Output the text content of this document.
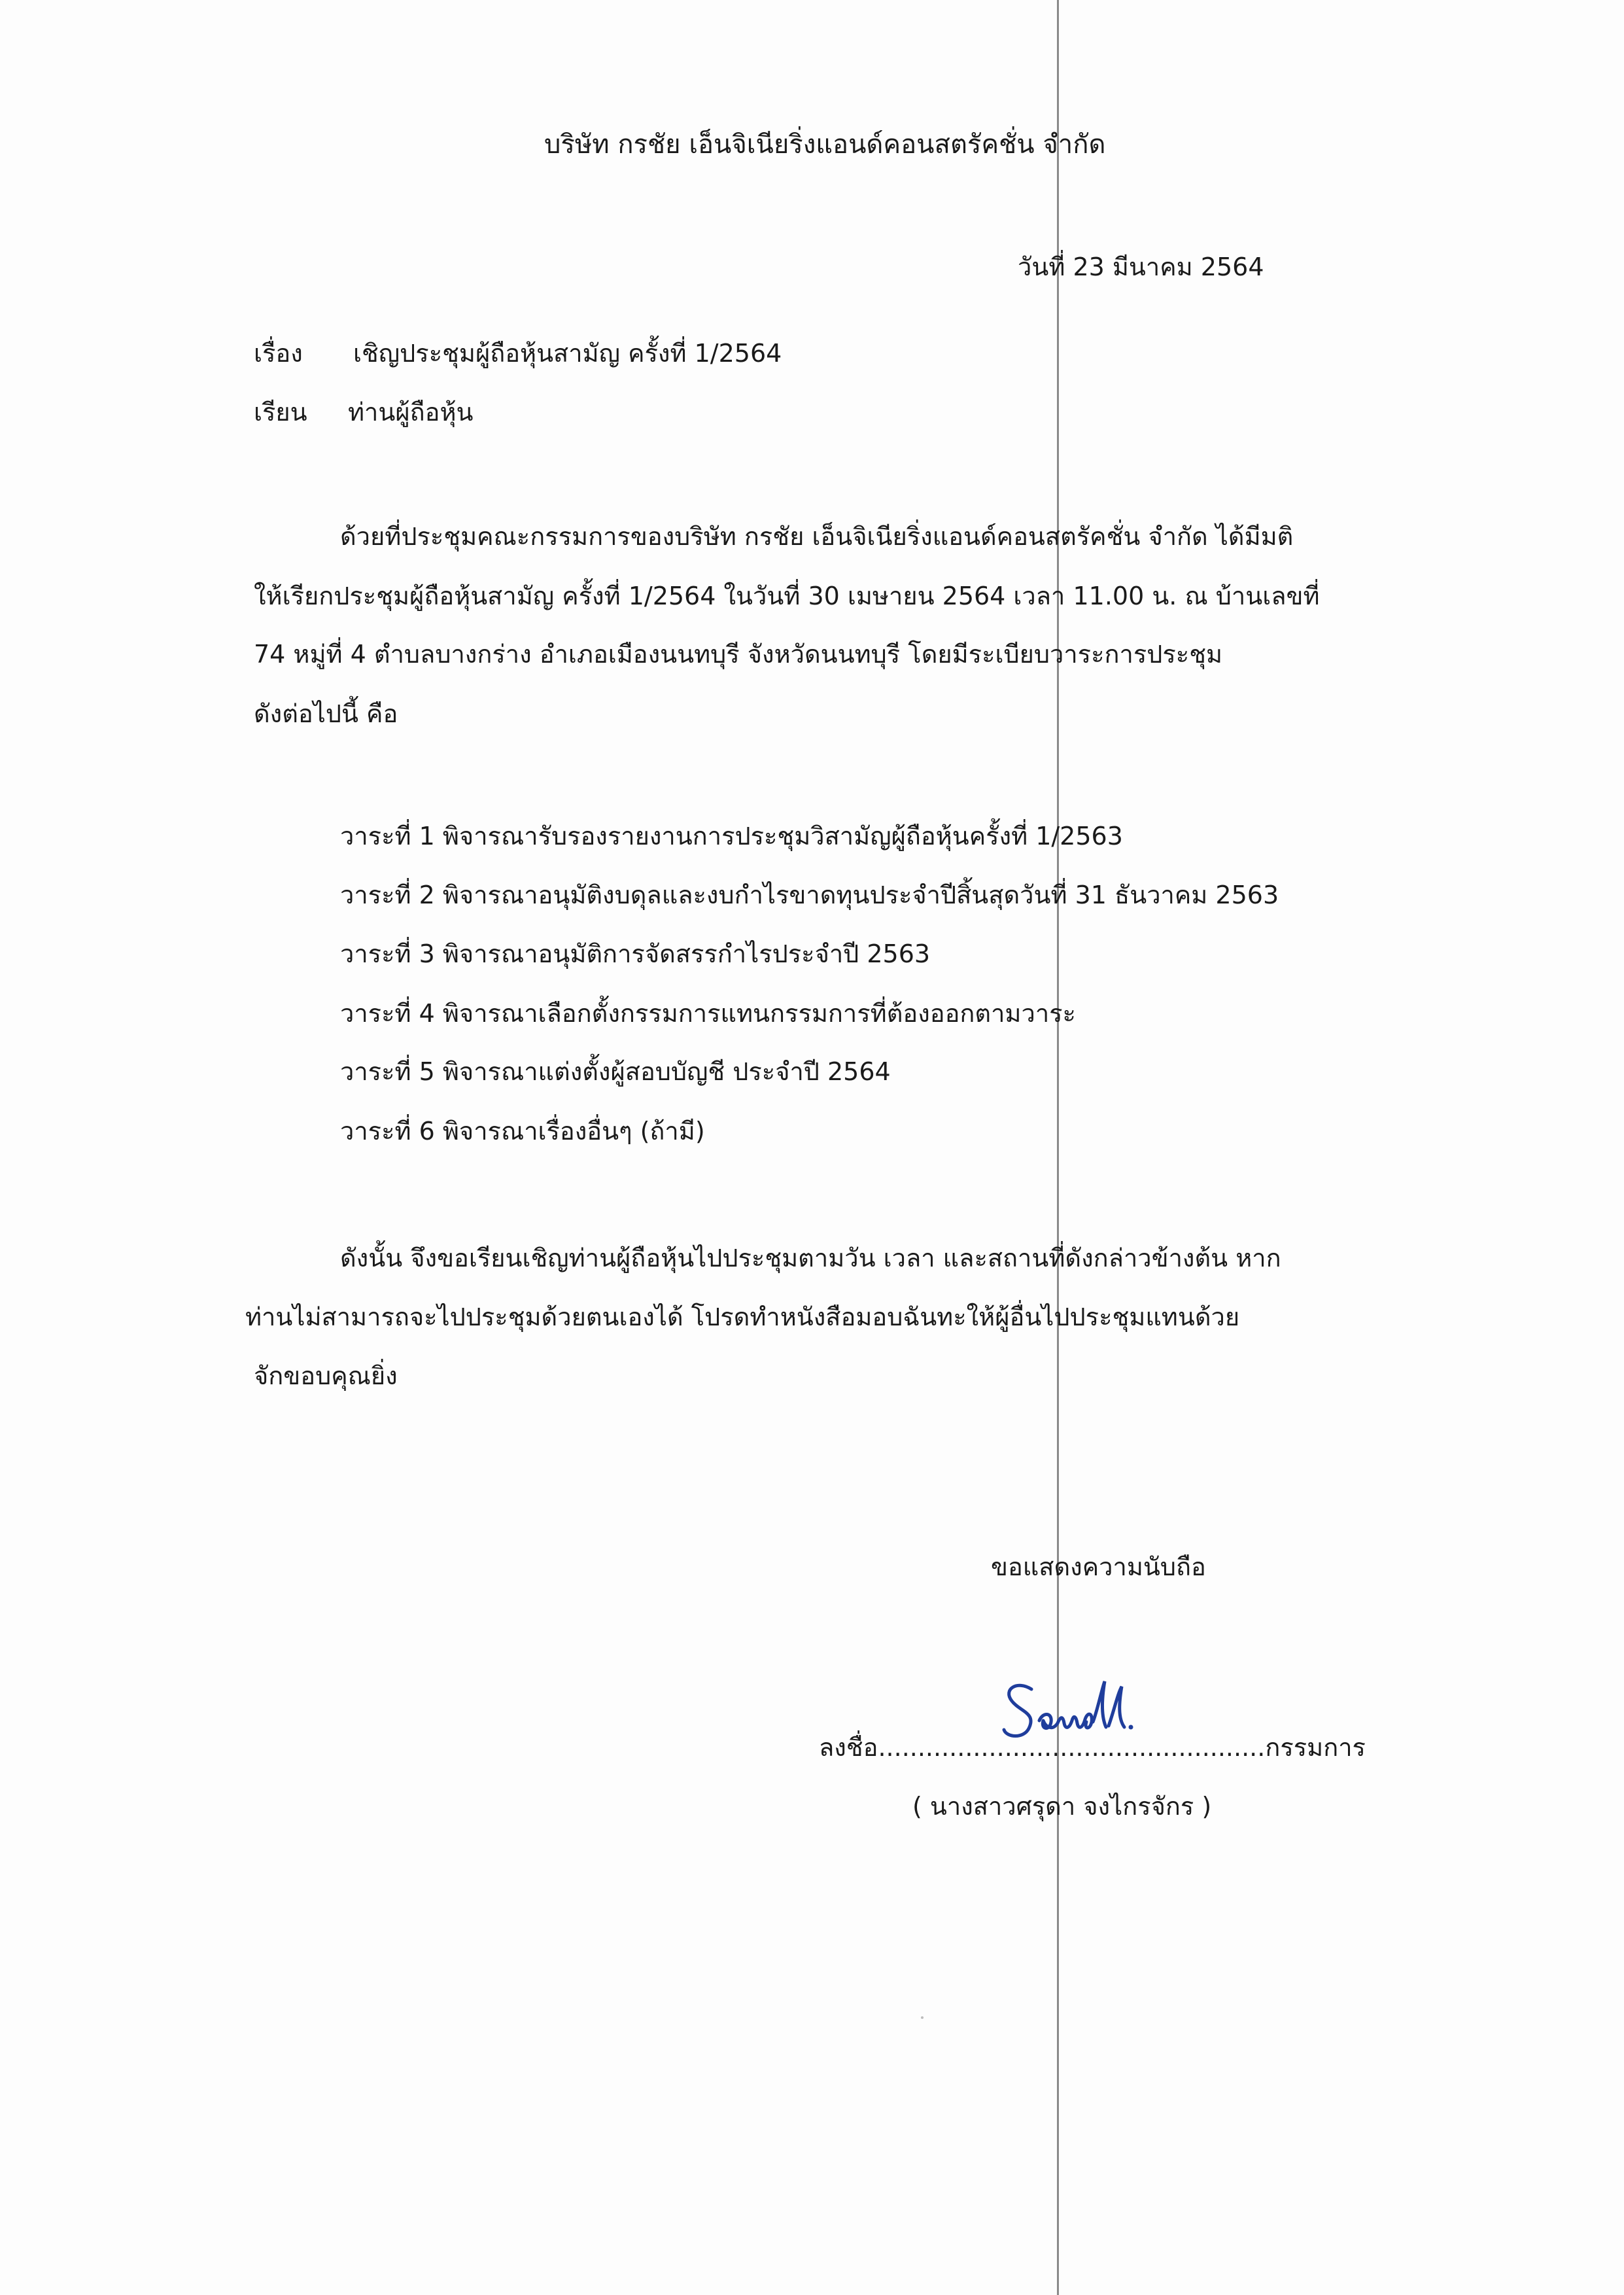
บริษัท กรชัย เอ็นจิเนียริ่งแอนด์คอนสตรัคชั่น จำกัด
วันที่ 23 มีนาคม 2564
เรื่อง เชิญประชุมผู้ถือหุ้นสามัญ ครั้งที่ 1/2564
เรียน ท่านผู้ถือหุ้น
ด้วยที่ประชุมคณะกรรมการของบริษัท กรชัย เอ็นจิเนียริ่งแอนด์คอนสตรัคชั่น จำกัด ได้มีมติ
ให้เรียกประชุมผู้ถือหุ้นสามัญ ครั้งที่ 1/2564 ในวันที่ 30 เมษายน 2564 เวลา 11.00 น. ณ บ้านเลขที่
74 หมู่ที่ 4 ตำบลบางกร่าง อำเภอเมืองนนทบุรี จังหวัดนนทบุรี โดยมีระเบียบวาระการประชุม
ดังต่อไปนี้ คือ
วาระที่ 1 พิจารณารับรองรายงานการประชุมวิสามัญผู้ถือหุ้นครั้งที่ 1/2563
วาระที่ 2 พิจารณาอนุมัติงบดุลและงบกำไรขาดทุนประจำปีสิ้นสุดวันที่ 31 ธันวาคม 2563
วาระที่ 3 พิจารณาอนุมัติการจัดสรรกำไรประจำปี 2563
วาระที่ 4 พิจารณาเลือกตั้งกรรมการแทนกรรมการที่ต้องออกตามวาระ
วาระที่ 5 พิจารณาแต่งตั้งผู้สอบบัญชี ประจำปี 2564
วาระที่ 6 พิจารณาเรื่องอื่นๆ (ถ้ามี)
ดังนั้น จึงขอเรียนเชิญท่านผู้ถือหุ้นไปประชุมตามวัน เวลา และสถานที่ดังกล่าวข้างต้น หาก
ท่านไม่สามารถจะไปประชุมด้วยตนเองได้ โปรดทำหนังสือมอบฉันทะให้ผู้อื่นไปประชุมแทนด้วย
จักขอบคุณยิ่ง
ขอแสดงความนับถือ
ลงชื่อ.................................................กรรมการ
( นางสาวศรุดา จงไกรจักร )
